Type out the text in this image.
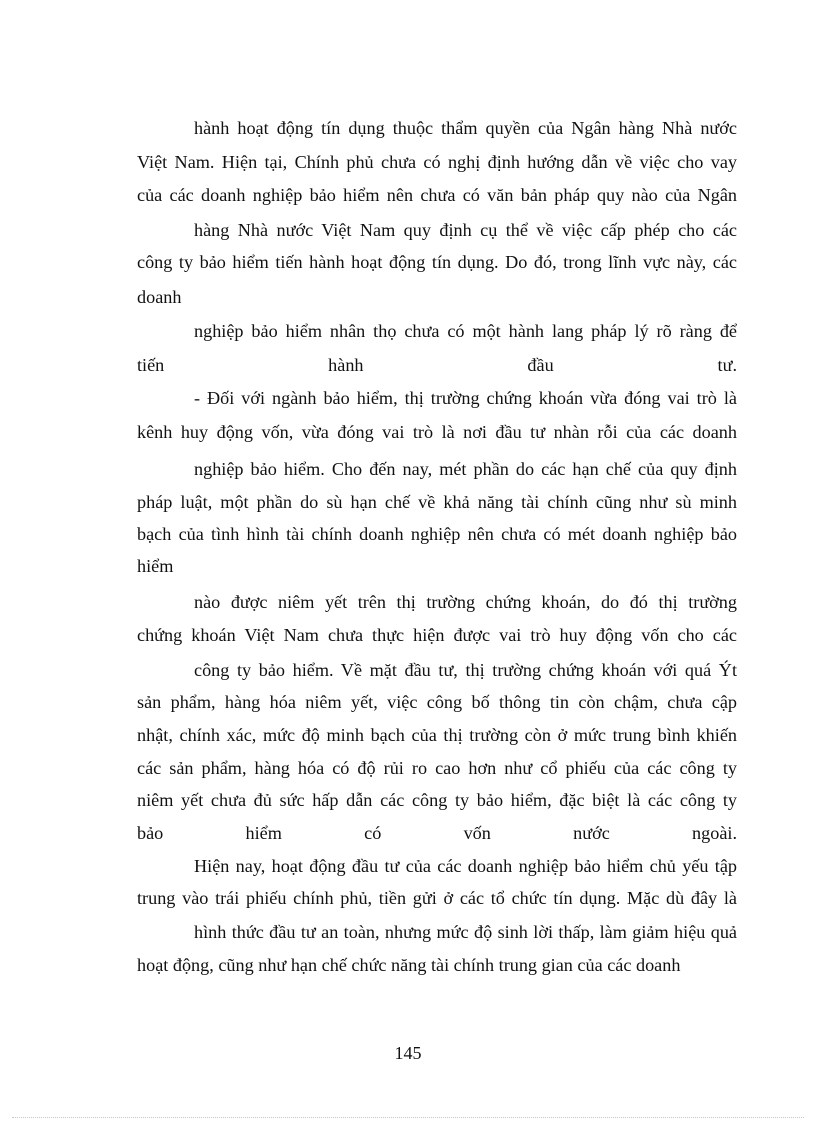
hành hoạt động tín dụng thuộc thẩm quyền của Ngân hàng Nhà nước
Việt Nam. Hiện tại, Chính phủ chưa có nghị định hướng dẫn về việc cho vay
của các doanh nghiệp bảo hiểm nên chưa có văn bản pháp quy nào của Ngân
hàng Nhà nước Việt Nam quy định cụ thể về việc cấp phép cho các
công ty bảo hiểm tiến hành hoạt động tín dụng. Do đó, trong lĩnh vực này, các
doanh
nghiệp bảo hiểm nhân thọ chưa có một hành lang pháp lý rõ ràng để
tiến hành đầu tư.
- Đối với ngành bảo hiểm, thị trường chứng khoán vừa đóng vai trò là
kênh huy động vốn, vừa đóng vai trò là nơi đầu tư nhàn rỗi của các doanh
nghiệp bảo hiểm. Cho đến nay, mét phần do các hạn chế của quy định
pháp luật, một phần do sù hạn chế về khả năng tài chính cũng như sù minh
bạch của tình hình tài chính doanh nghiệp nên chưa có mét doanh nghiệp bảo
hiểm
nào được niêm yết trên thị trường chứng khoán, do đó thị trường
chứng khoán Việt Nam chưa thực hiện được vai trò huy động vốn cho các
công ty bảo hiểm. Về mặt đầu tư, thị trường chứng khoán với quá Ýt
sản phẩm, hàng hóa niêm yết, việc công bố thông tin còn chậm, chưa cập
nhật, chính xác, mức độ minh bạch của thị trường còn ở mức trung bình khiến
các sản phẩm, hàng hóa có độ rủi ro cao hơn như cổ phiếu của các công ty
niêm yết chưa đủ sức hấp dẫn các công ty bảo hiểm, đặc biệt là các công ty
bảo hiểm có vốn nước ngoài.
Hiện nay, hoạt động đầu tư của các doanh nghiệp bảo hiểm chủ yếu tập
trung vào trái phiếu chính phủ, tiền gửi ở các tổ chức tín dụng. Mặc dù đây là
hình thức đầu tư an toàn, nhưng mức độ sinh lời thấp, làm giảm hiệu quả
hoạt động, cũng như hạn chế chức năng tài chính trung gian của các doanh
145
